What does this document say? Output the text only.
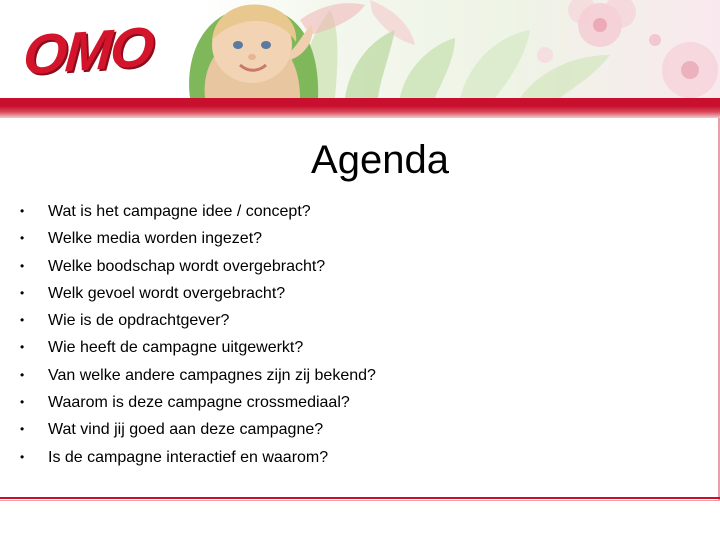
OMO
Agenda
• Wat is het campagne idee / concept?
• Welke media worden ingezet?
• Welke boodschap wordt overgebracht?
• Welk gevoel wordt overgebracht?
• Wie is de opdrachtgever?
• Wie heeft de campagne uitgewerkt?
• Van welke andere campagnes zijn zij bekend?
• Waarom is deze campagne crossmediaal?
• Wat vind jij goed aan deze campagne?
• Is de campagne interactief en waarom?
